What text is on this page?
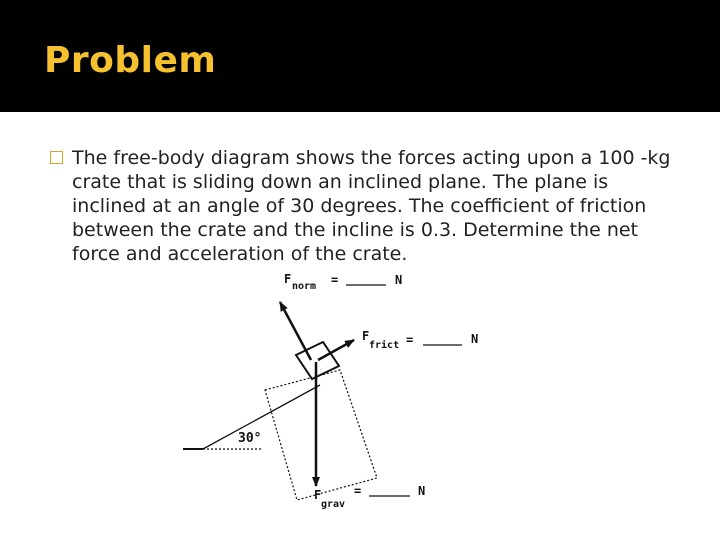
Problem
The free-body diagram shows the forces acting upon a 100 -kg crate that is sliding down an inclined plane. The plane is inclined at an angle of 30 degrees. The coefficient of friction between the crate and the incline is 0.3. Determine the net force and acceleration of the crate.
30°
F
norm =	N
F
frict =	N
F
grav
=	N
